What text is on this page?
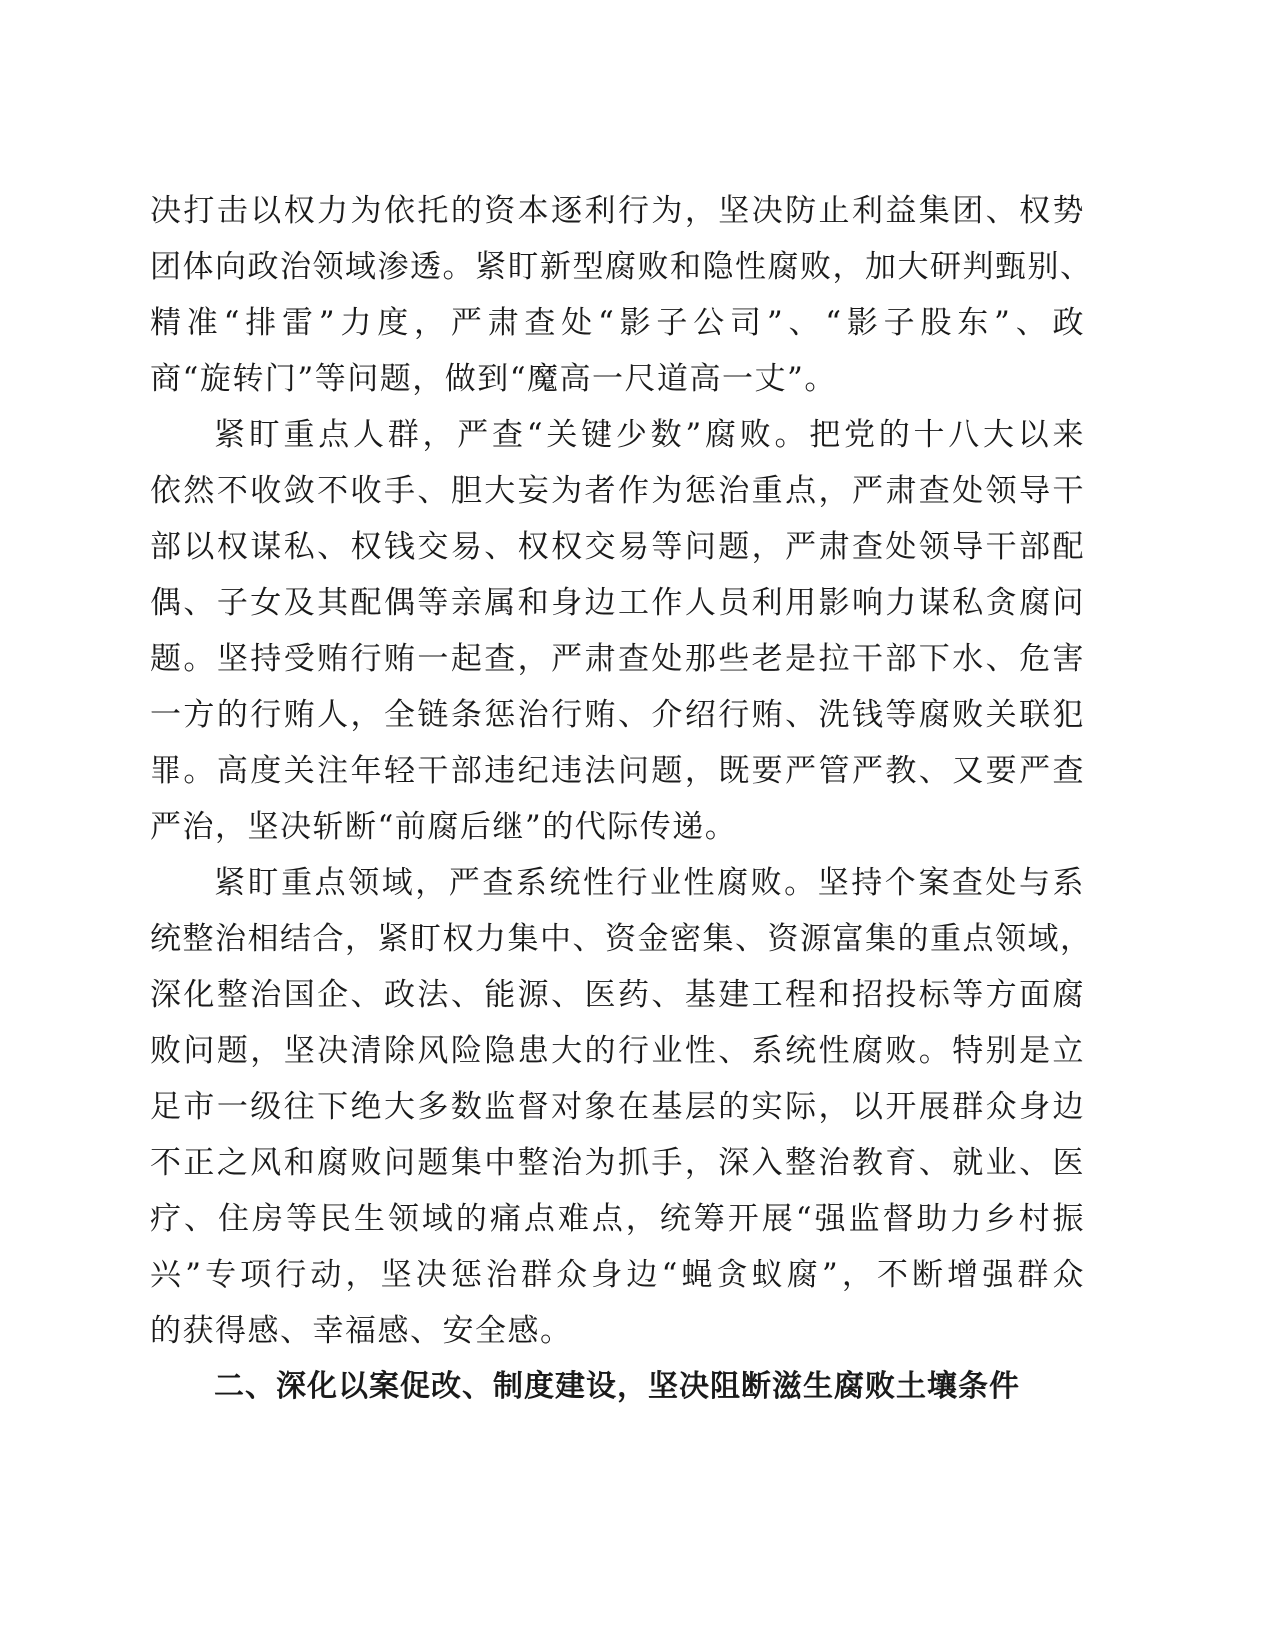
决打击以权力为依托的资本逐利行为，坚决防止利益集团、权势
团体向政治领域渗透。紧盯新型腐败和隐性腐败，加大研判甄别、
精准“排雷”力度，严肃查处“影子公司”、“影子股东”、政
商“旋转门”等问题，做到“魔高一尺道高一丈”。
紧盯重点人群，严查“关键少数”腐败。把党的十八大以来
依然不收敛不收手、胆大妄为者作为惩治重点，严肃查处领导干
部以权谋私、权钱交易、权权交易等问题，严肃查处领导干部配
偶、子女及其配偶等亲属和身边工作人员利用影响力谋私贪腐问
题。坚持受贿行贿一起查，严肃查处那些老是拉干部下水、危害
一方的行贿人，全链条惩治行贿、介绍行贿、洗钱等腐败关联犯
罪。高度关注年轻干部违纪违法问题，既要严管严教、又要严查
严治，坚决斩断“前腐后继”的代际传递。
紧盯重点领域，严查系统性行业性腐败。坚持个案查处与系
统整治相结合，紧盯权力集中、资金密集、资源富集的重点领域，
深化整治国企、政法、能源、医药、基建工程和招投标等方面腐
败问题，坚决清除风险隐患大的行业性、系统性腐败。特别是立
足市一级往下绝大多数监督对象在基层的实际，以开展群众身边
不正之风和腐败问题集中整治为抓手，深入整治教育、就业、医
疗、住房等民生领域的痛点难点，统筹开展“强监督助力乡村振
兴”专项行动，坚决惩治群众身边“蝇贪蚁腐”，不断增强群众
的获得感、幸福感、安全感。
二、深化以案促改、制度建设，坚决阻断滋生腐败土壤条件
